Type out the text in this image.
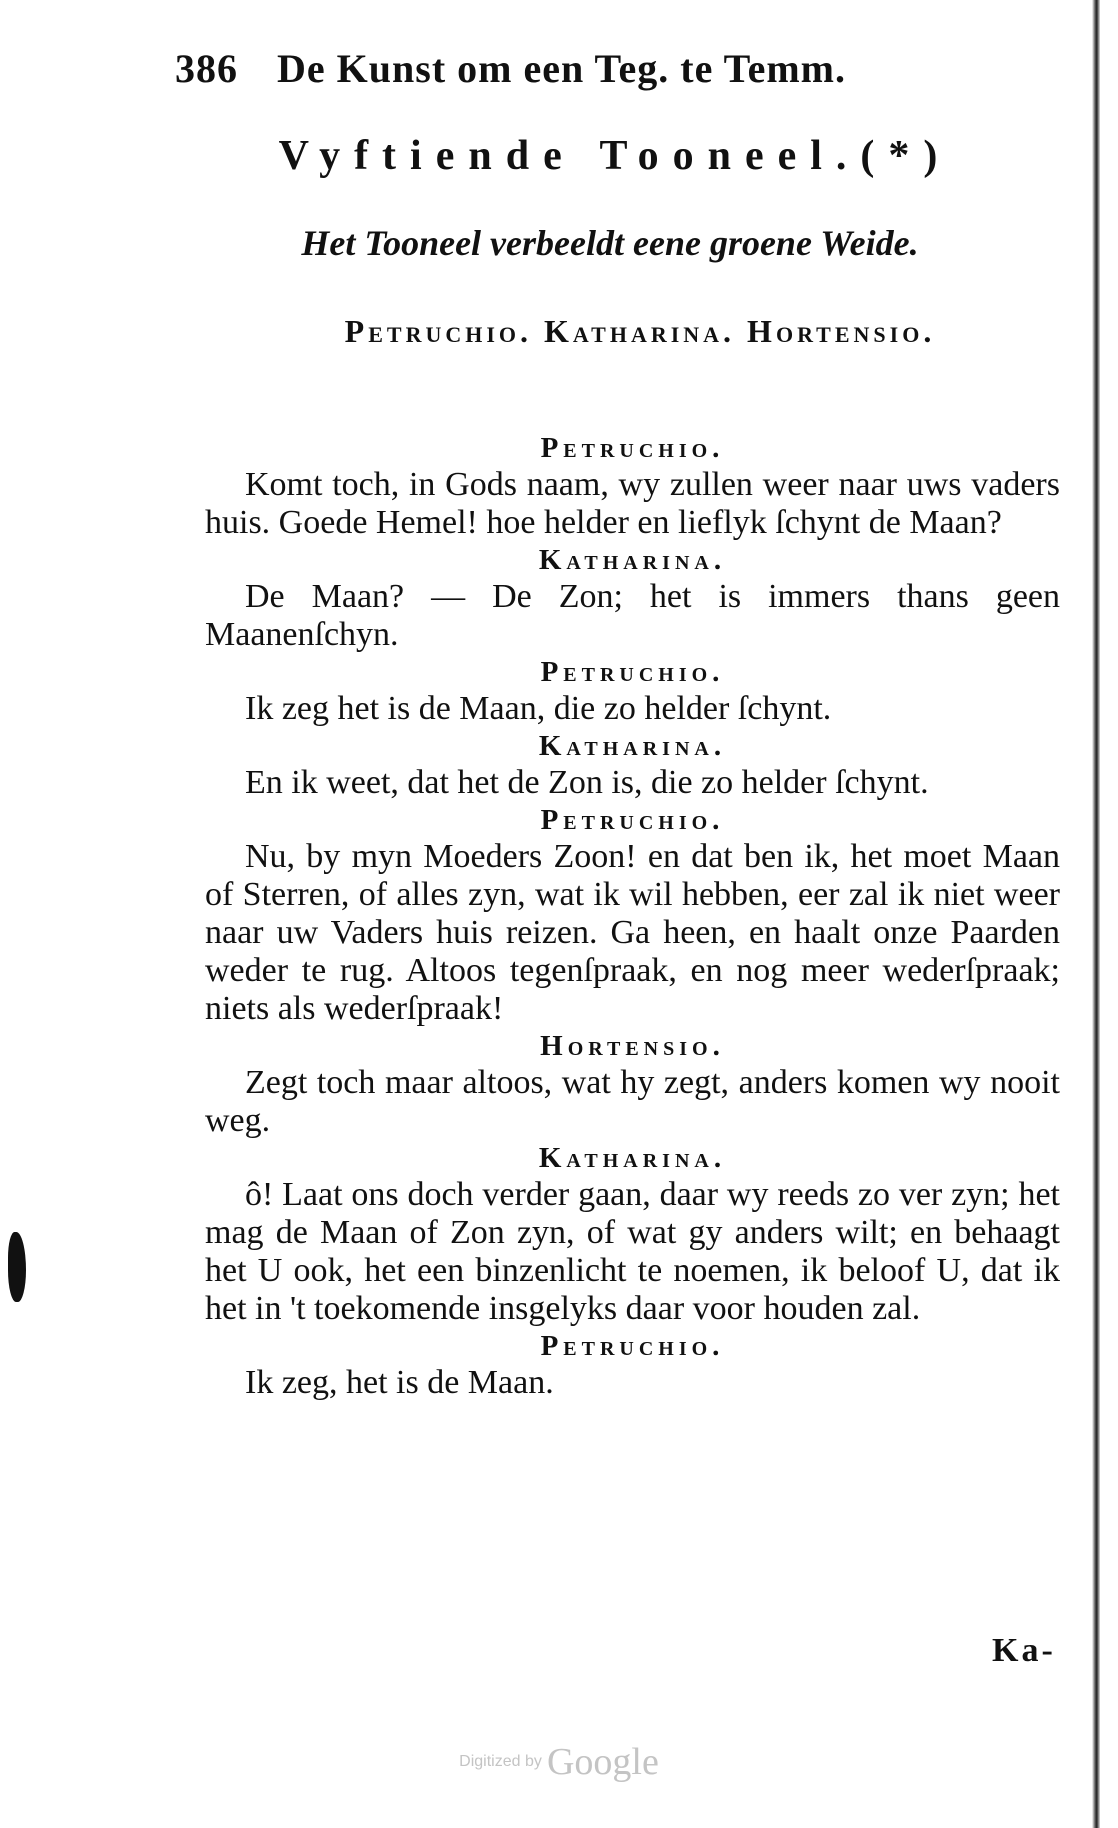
386 De Kunst om een Teg. te Temm.
Vyftiende Tooneel.(*)
Het Tooneel verbeeldt eene groene Weide.
Petruchio. Katharina. Hortensio.

Petruchio.

Komt toch, in Gods naam, wy zullen weer naar uws vaders huis. Goede Hemel! hoe helder en lieflyk ſchynt de Maan?

Katharina.

De Maan? — De Zon; het is immers thans geen Maanenſchyn.

Petruchio.

Ik zeg het is de Maan, die zo helder ſchynt.

Katharina.

En ik weet, dat het de Zon is, die zo helder ſchynt.

Petruchio.

Nu, by myn Moeders Zoon! en dat ben ik, het moet Maan of Sterren, of alles zyn, wat ik wil hebben, eer zal ik niet weer naar uw Vaders huis reizen. Ga heen, en haalt onze Paarden weder te rug. Altoos tegenſpraak, en nog meer wederſpraak; niets als wederſpraak!

Hortensio.

Zegt toch maar altoos, wat hy zegt, anders komen wy nooit weg.

Katharina.

ô! Laat ons doch verder gaan, daar wy reeds zo ver zyn; het mag de Maan of Zon zyn, of wat gy anders wilt; en behaagt het U ook, het een binzenlicht te noemen, ik beloof U, dat ik het in 't toekomende insgelyks daar voor houden zal.

Petruchio.

Ik zeg, het is de Maan.

Ka-
Digitized by Google
